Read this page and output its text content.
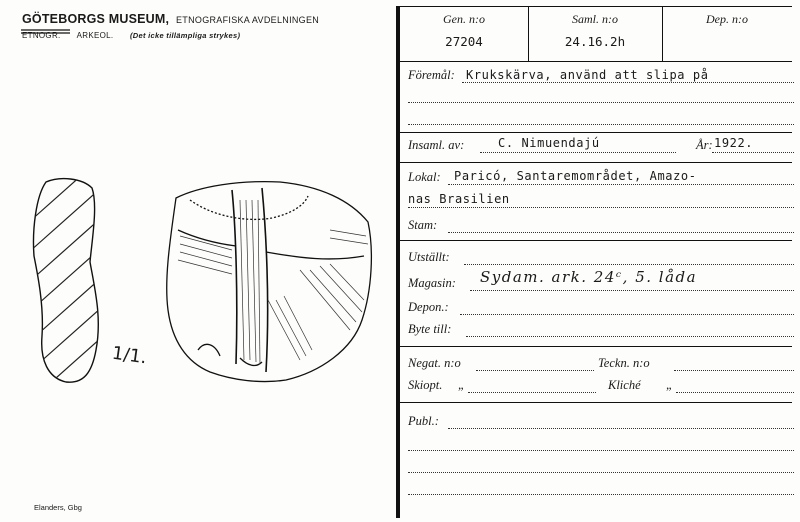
GÖTEBORGS MUSEUM, ETNOGRAFISKA AVDELNINGEN
ETNOGR. ARKEOL. (Det icke tillämpliga strykes)
1/1.
Elanders, Gbg
Gen. n:o
27204
Saml. n:o
24.16.2h
Dep. n:o
Föremål: Krukskärva, använd att slipa på
Insaml. av:	C. Nimuendajú	År: 1922.
Lokal: Paricó, Santaremområdet, Amazo-
nas Brasilien
Stam:
Utställt:
Magasin: Sydam. ark. 24ᶜ, 5. låda
Depon.:
Byte till:
Negat. n:o	Teckn. n:o
Skiopt. „	Kliché „
Publ.:
